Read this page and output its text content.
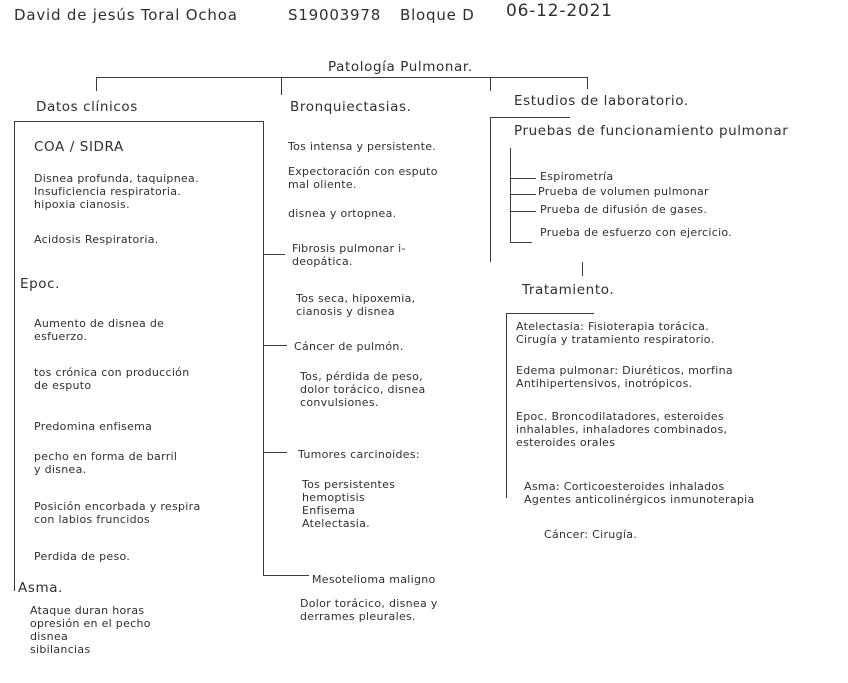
David de jesús Toral Ochoa	S19003978 Bloque D 06-12-2021
Patología Pulmonar.
Datos clínicos
COA / SIDRA
Disnea profunda, taquipnea.
Insuficiencia respiratoria.
hipoxia cianosis.
Acidosis Respiratoria.
Epoc.
Aumento de disnea de
esfuerzo.
tos crónica con producción
de esputo
Predomina enfisema
pecho en forma de barril
y disnea.
Posición encorbada y respira
con labios fruncidos
Perdida de peso.
Asma.
Ataque duran horas
opresión en el pecho
disnea
sibilancias
Bronquiectasias.
Tos intensa y persistente.
Expectoración con esputo
mal oliente.
disnea y ortopnea.
Fibrosis pulmonar i-
deopática.
Tos seca, hipoxemia,
cianosis y disnea
Cáncer de pulmón.
Tos, pérdida de peso,
dolor torácico, disnea
convulsiones.
Tumores carcinoides:
Tos persistentes
hemoptisis
Enfisema
Atelectasia.
Mesotelioma maligno
Dolor torácico, disnea y
derrames pleurales.
Estudios de laboratorio.
Pruebas de funcionamiento pulmonar
Espirometría
Prueba de volumen pulmonar
Prueba de difusión de gases.
Prueba de esfuerzo con ejercicio.
Tratamiento.
Atelectasia: Fisioterapia torácica.
Cirugía y tratamiento respiratorio.
Edema pulmonar: Diuréticos, morfina
Antihipertensivos, inotrópicos.
Epoc. Broncodilatadores, esteroides
inhalables, inhaladores combinados,
esteroides orales
Asma: Corticoesteroides inhalados
Agentes anticolinérgicos inmunoterapia
Cáncer: Cirugía.
